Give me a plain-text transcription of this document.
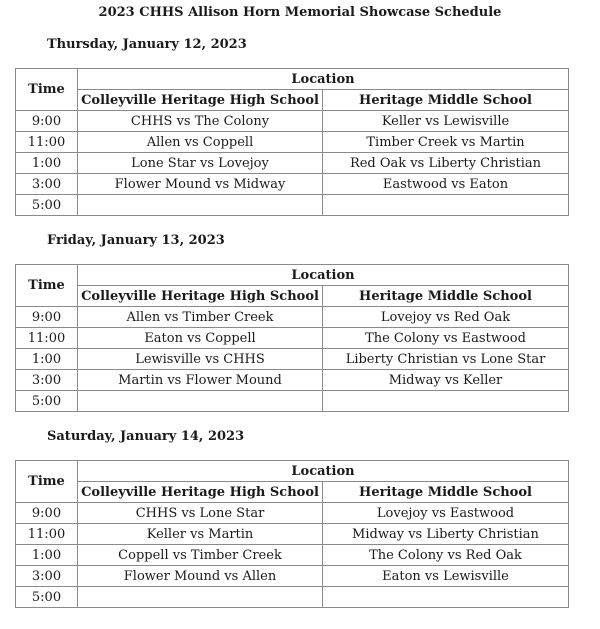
2023 CHHS Allison Horn Memorial Showcase Schedule
Thursday, January 12, 2023
Time	Location	
	Colleyville Heritage High School	Heritage Middle School
9:00	CHHS vs The Colony	Keller vs Lewisville
11:00	Allen vs Coppell	Timber Creek vs Martin
1:00	Lone Star vs Lovejoy	Red Oak vs Liberty Christian
3:00	Flower Mound vs Midway	Eastwood vs Eaton
5:00		
Friday, January 13, 2023
Time	Location	
	Colleyville Heritage High School	Heritage Middle School
9:00	Allen vs Timber Creek	Lovejoy vs Red Oak
11:00	Eaton vs Coppell	The Colony vs Eastwood
1:00	Lewisville vs CHHS	Liberty Christian vs Lone Star
3:00	Martin vs Flower Mound	Midway vs Keller
5:00		
Saturday, January 14, 2023
Time	Location	
	Colleyville Heritage High School	Heritage Middle School
9:00	CHHS vs Lone Star	Lovejoy vs Eastwood
11:00	Keller vs Martin	Midway vs Liberty Christian
1:00	Coppell vs Timber Creek	The Colony vs Red Oak
3:00	Flower Mound vs Allen	Eaton vs Lewisville
5:00		
